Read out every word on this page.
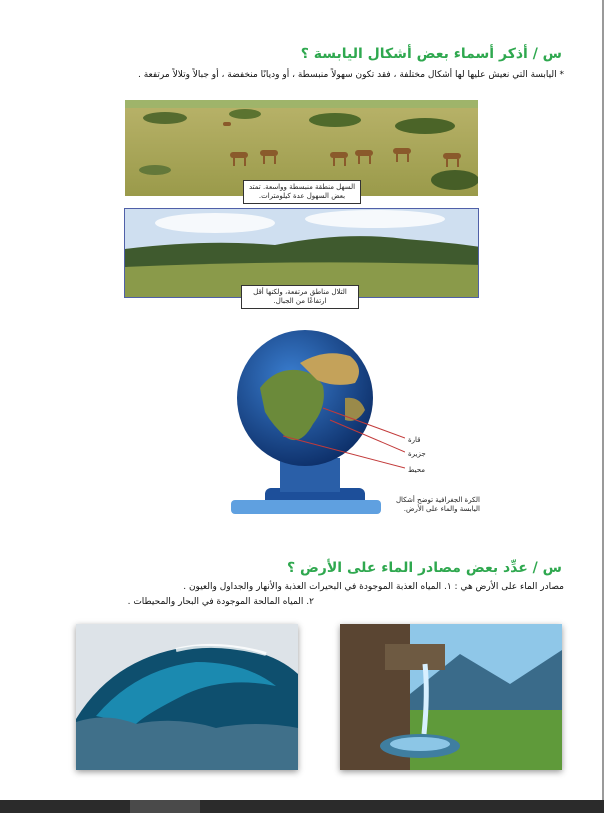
س / أذكر أسماء بعض أشكال اليابسة ؟
* اليابسة التي نعيش عليها لها أشكال مختلفة ، فقد تكون سهولاً منبسطة ، أو وديانًا منخفضة ، أو جبالاً وتلالاً مرتفعة .
السهل منطقة منبسطة وواسعة. تمتد بعض السهول عدة كيلومترات.
التلال مناطق مرتفعة، ولكنها أقل ارتفاعًا من الجبال.
قارة
جزيرة
محيط
الكرة الجغرافية توضح أشكال اليابسة والماء على الأرض.
س / عدِّد بعض مصادر الماء على الأرض ؟
مصادر الماء على الأرض هي : ١. المياه العذبة الموجودة في البحيرات العذبة والأنهار والجداول والعيون .
٢. المياه المالحة الموجودة في البحار والمحيطات .
